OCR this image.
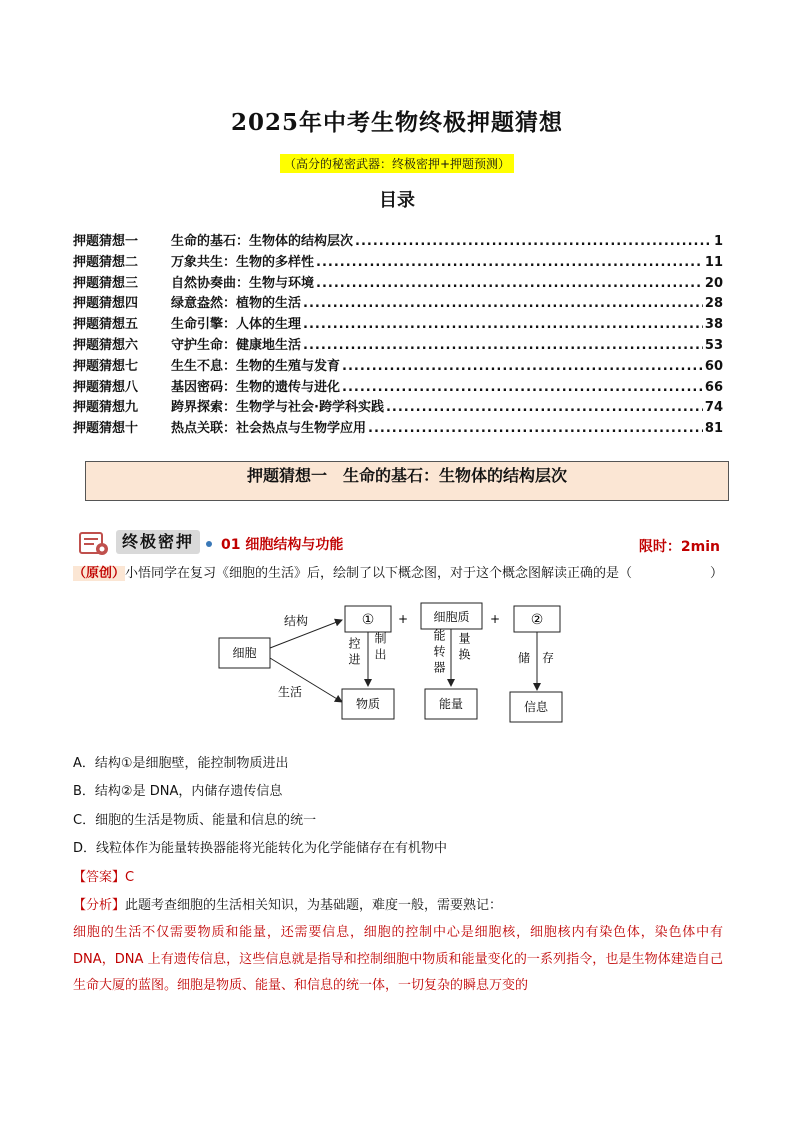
2025年中考生物终极押题猜想
（高分的秘密武器：终极密押+押题预测）
目录
押题猜想一	生命的基石：生物体的结构层次 .....	1
押题猜想二	万象共生：生物的多样性 .....	11
押题猜想三	自然协奏曲：生物与环境 .....	20
押题猜想四	绿意盎然：植物的生活 .....	28
押题猜想五	生命引擎：人体的生理 .....	38
押题猜想六	守护生命：健康地生活 .....	53
押题猜想七	生生不息：生物的生殖与发育 .....	60
押题猜想八	基因密码：生物的遗传与进化 .....	66
押题猜想九	跨界探索：生物学与社会·跨学科实践 .....	74
押题猜想十	热点关联：社会热点与生物学应用 .....	81
押题猜想一　生命的基石：生物体的结构层次
终极密押	01 细胞结构与功能	限时：2min
（原创）小悟同学在复习《细胞的生活》后，绘制了以下概念图，对于这个概念图解读正确的是（	）
细胞
结构
生活
① + 细胞质 + ②
控进 制出	能转器 量换	储 存
物质	能量	信息
A．结构①是细胞壁，能控制物质进出
B．结构②是 DNA，内储存遗传信息
C．细胞的生活是物质、能量和信息的统一
D．线粒体作为能量转换器能将光能转化为化学能储存在有机物中
【答案】C
【分析】此题考查细胞的生活相关知识，为基础题，难度一般，需要熟记：
细胞的生活不仅需要物质和能量，还需要信息，细胞的控制中心是细胞核，细胞核内有染色体，染色体中有 DNA，DNA 上有遗传信息，这些信息就是指导和控制细胞中物质和能量变化的一系列指令，也是生物体建造自己生命大厦的蓝图。细胞是物质、能量、和信息的统一体，一切复杂的瞬息万变的
